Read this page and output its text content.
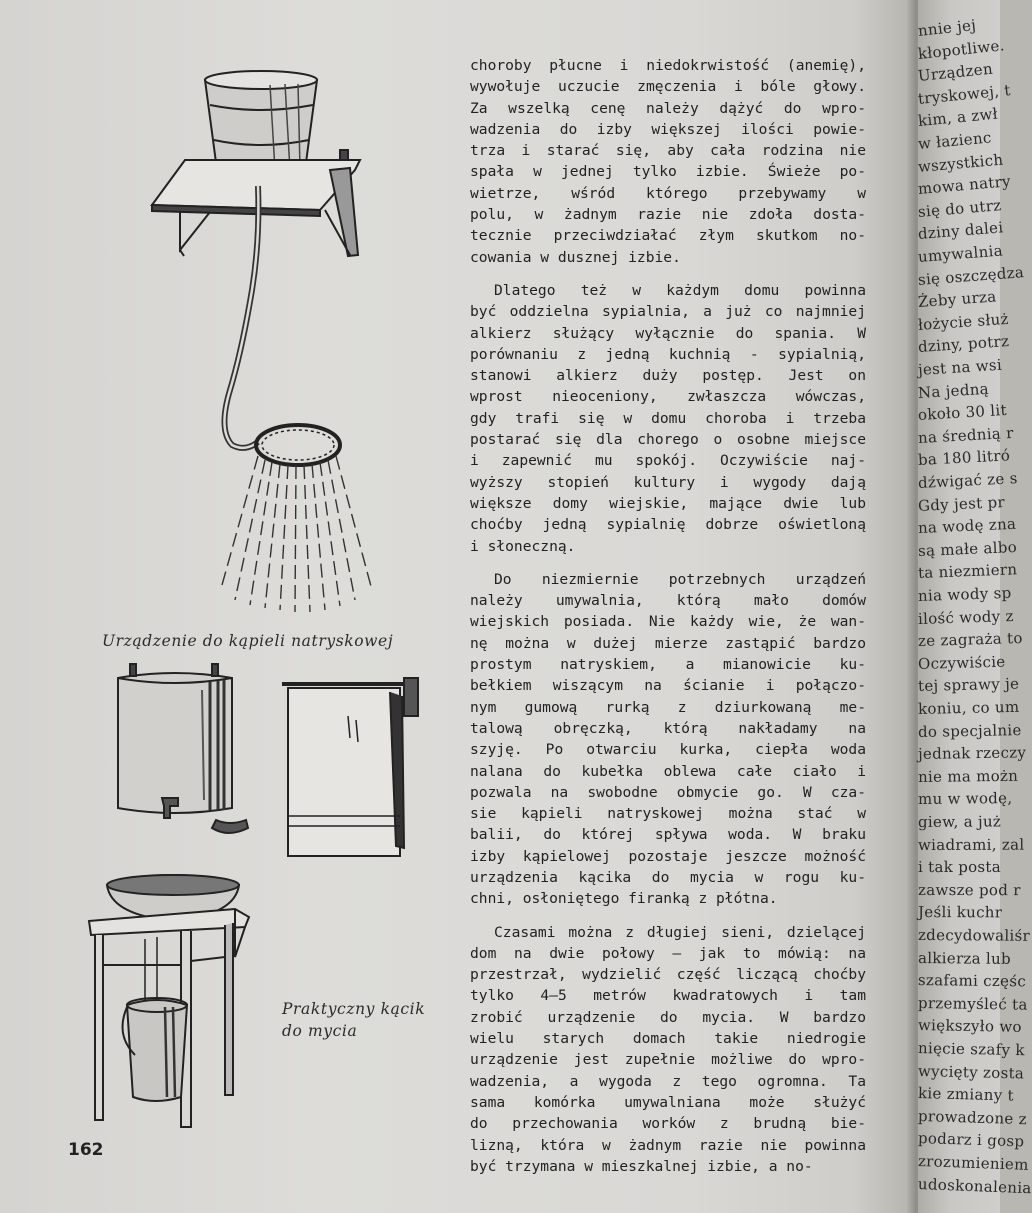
Urządzenie do kąpieli natryskowej
Praktyczny kącik
do mycia
162
choroby płucne i niedokrwistość (anemię),
wywołuje uczucie zmęczenia i bóle głowy.
Za wszelką cenę należy dążyć do wpro-
wadzenia do izby większej ilości powie-
trza i starać się, aby cała rodzina nie
spała w jednej tylko izbie. Świeże po-
wietrze, wśród którego przebywamy w
polu, w żadnym razie nie zdoła dosta-
tecznie przeciwdziałać złym skutkom no-
cowania w dusznej izbie.
Dlatego też w każdym domu powinna
być oddzielna sypialnia, a już co najmniej
alkierz służący wyłącznie do spania. W
porównaniu z jedną kuchnią - sypialnią,
stanowi alkierz duży postęp. Jest on
wprost nieoceniony, zwłaszcza wówczas,
gdy trafi się w domu choroba i trzeba
postarać się dla chorego o osobne miejsce
i zapewnić mu spokój. Oczywiście naj-
wyższy stopień kultury i wygody dają
większe domy wiejskie, mające dwie lub
choćby jedną sypialnię dobrze oświetloną
i słoneczną.
Do niezmiernie potrzebnych urządzeń
należy umywalnia, którą mało domów
wiejskich posiada. Nie każdy wie, że wan-
nę można w dużej mierze zastąpić bardzo
prostym natryskiem, a mianowicie ku-
bełkiem wiszącym na ścianie i połączo-
nym gumową rurką z dziurkowaną me-
talową obręczką, którą nakładamy na
szyję. Po otwarciu kurka, ciepła woda
nalana do kubełka oblewa całe ciało i
pozwala na swobodne obmycie go. W cza-
sie kąpieli natryskowej można stać w
balii, do której spływa woda. W braku
izby kąpielowej pozostaje jeszcze możność
urządzenia kącika do mycia w rogu ku-
chni, osłoniętego firanką z płótna.
Czasami można z długiej sieni, dzielącej
dom na dwie połowy — jak to mówią: na
przestrzał, wydzielić część liczącą choćby
tylko 4—5 metrów kwadratowych i tam
zrobić urządzenie do mycia. W bardzo
wielu starych domach takie niedrogie
urządzenie jest zupełnie możliwe do wpro-
wadzenia, a wygoda z tego ogromna. Ta
sama komórka umywalniana może służyć
do przechowania worków z brudną bie-
lizną, która w żadnym razie nie powinna
być trzymana w mieszkalnej izbie, a no-
nnie jej
kłopotliwe.
Urządzen
tryskowej, t
kim, a zwł
w łazienc
wszystkich
mowa natry
się do utrz
dziny dalei
umywalnia
się oszczędza
Żeby urza
łożycie służ
dziny, potrz
jest na wsi
Na jedną
około 30 lit
na średnią r
ba 180 litró
dźwigać ze s
Gdy jest pr
na wodę zna
są małe albo
ta niezmiern
nia wody sp
ilość wody z
ze zagraża to
Oczywiście
tej sprawy je
koniu, co um
do specjalnie
jednak rzeczy
nie ma możn
mu w wodę,
giew, a już
wiadrami, zal
i tak posta
zawsze pod r
Jeśli kuchr
zdecydowaliśr
alkierza lub
szafami częśc
przemyśleć ta
większyło wo
nięcie szafy k
wycięty zosta
kie zmiany t
prowadzone z
podarz i gosp
zrozumieniem
udoskonalenia
